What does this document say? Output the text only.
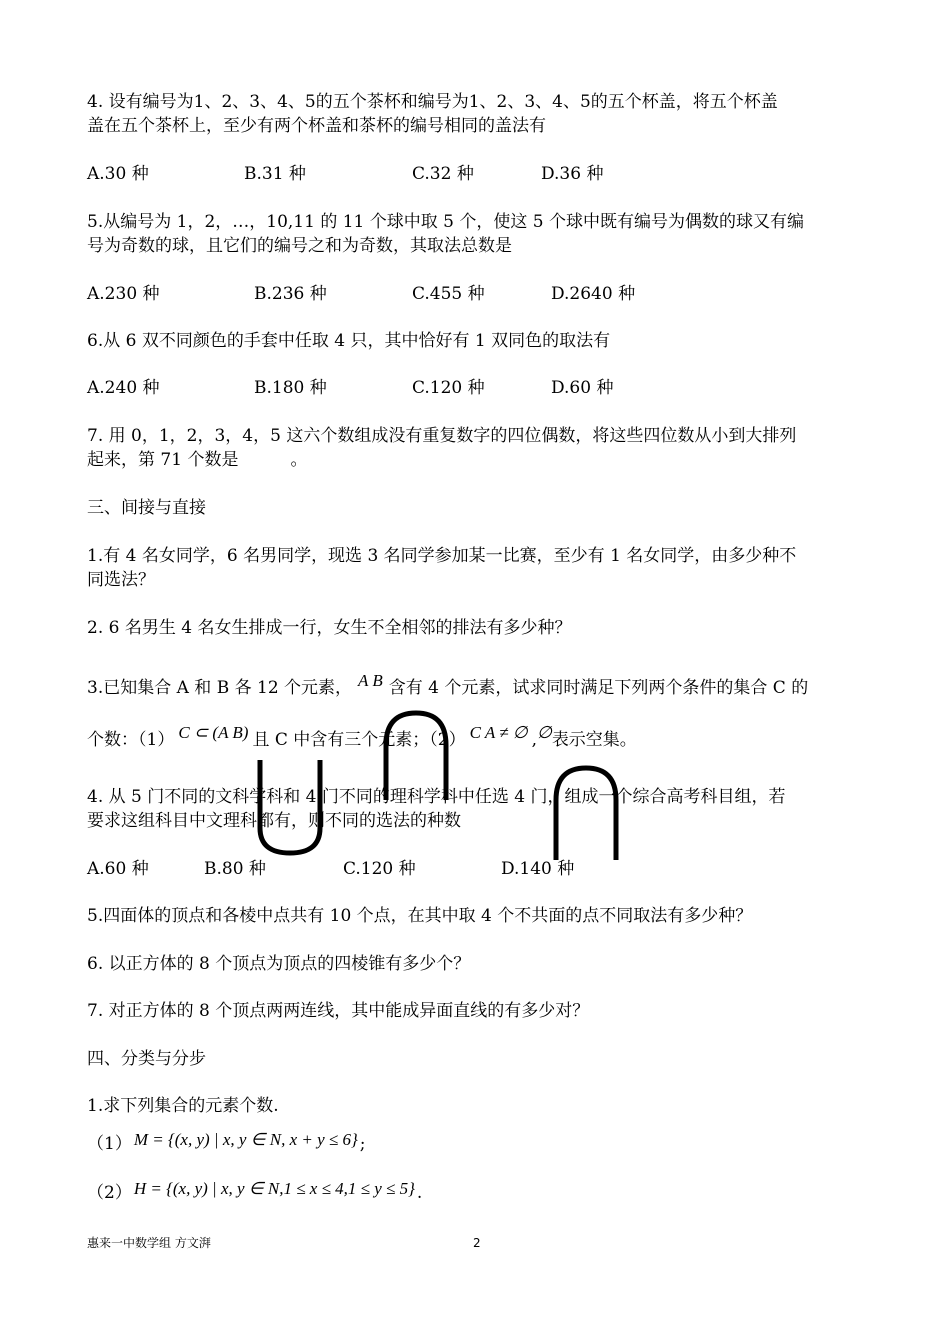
4. 设有编号为1、2、3、4、5的五个茶杯和编号为1、2、3、4、5的五个杯盖，将五个杯盖
盖在五个茶杯上，至少有两个杯盖和茶杯的编号相同的盖法有
A.30 种	B.31 种	C.32 种	D.36 种
5.从编号为 1，2，…，10,11 的 11 个球中取 5 个，使这 5 个球中既有编号为偶数的球又有编
号为奇数的球，且它们的编号之和为奇数，其取法总数是
A.230 种	B.236 种	C.455 种	D.2640 种
6.从 6 双不同颜色的手套中任取 4 只，其中恰好有 1 双同色的取法有
A.240 种	B.180 种	C.120 种	D.60 种
7. 用 0，1，2，3，4，5 这六个数组成没有重复数字的四位偶数，将这些四位数从小到大排列
起来，第 71 个数是	。
三、间接与直接
1.有 4 名女同学，6 名男同学，现选 3 名同学参加某一比赛，至少有 1 名女同学，由多少种不
同选法？
2. 6 名男生 4 名女生排成一行，女生不全相邻的排法有多少种？
3.已知集合 A 和 B 各 12 个元素， A B 含有 4 个元素，试求同时满足下列两个条件的集合 C 的
个数：（1） C ⊂ (A B) 且 C 中含有三个元素；（2） C A ≠ ∅ ,∅表示空集。
4. 从 5 门不同的文科学科和 4 门不同的理科学科中任选 4 门，组成一个综合高考科目组，若
要求这组科目中文理科都有，则不同的选法的种数
A.60 种	B.80 种	C.120 种	D.140 种
5.四面体的顶点和各棱中点共有 10 个点，在其中取 4 个不共面的点不同取法有多少种？
6. 以正方体的 8 个顶点为顶点的四棱锥有多少个？
7. 对正方体的 8 个顶点两两连线，其中能成异面直线的有多少对？
四、分类与分步
1.求下列集合的元素个数.
（1） M = {(x, y) | x, y ∈ N, x + y ≤ 6} ;
（2） H = {(x, y) | x, y ∈ N,1 ≤ x ≤ 4,1 ≤ y ≤ 5} .
惠来一中数学组 方文湃	2
